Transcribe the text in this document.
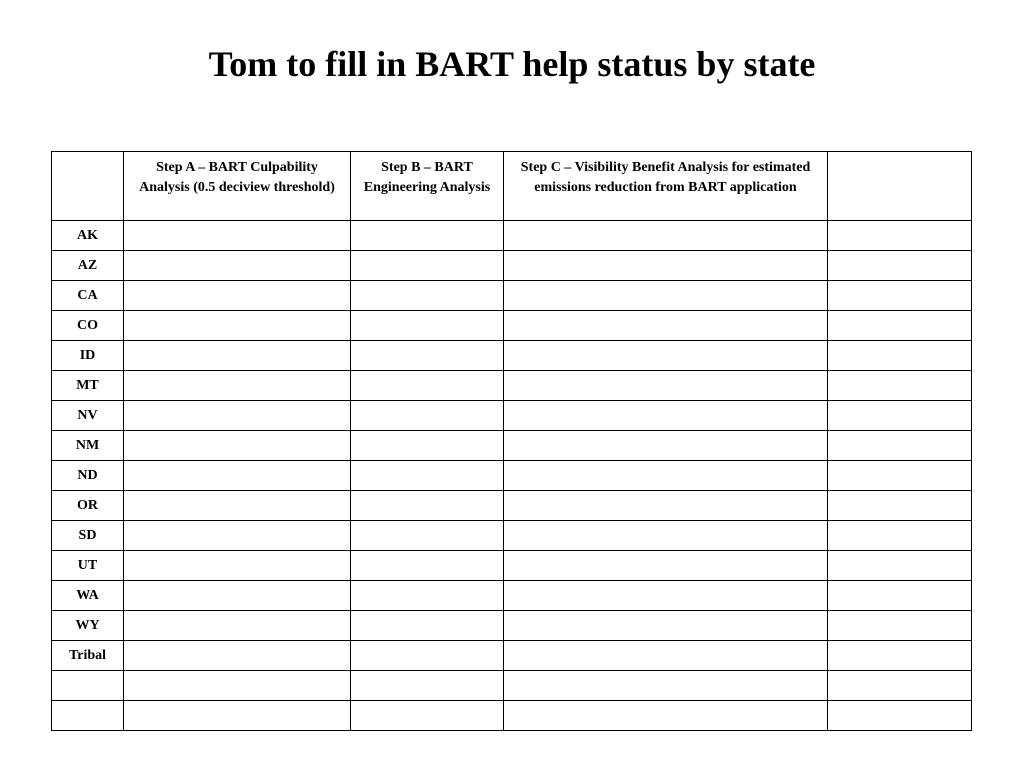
Tom to fill in BART help status by state

	Step A – BART Culpability Analysis (0.5 deciview threshold)	Step B – BART Engineering Analysis	Step C – Visibility Benefit Analysis for estimated emissions reduction from BART application	

AK				
AZ				
CA				
CO				
ID				
MT				
NV				
NM				
ND				
OR				
SD				
UT				
WA				
WY				
Tribal				
